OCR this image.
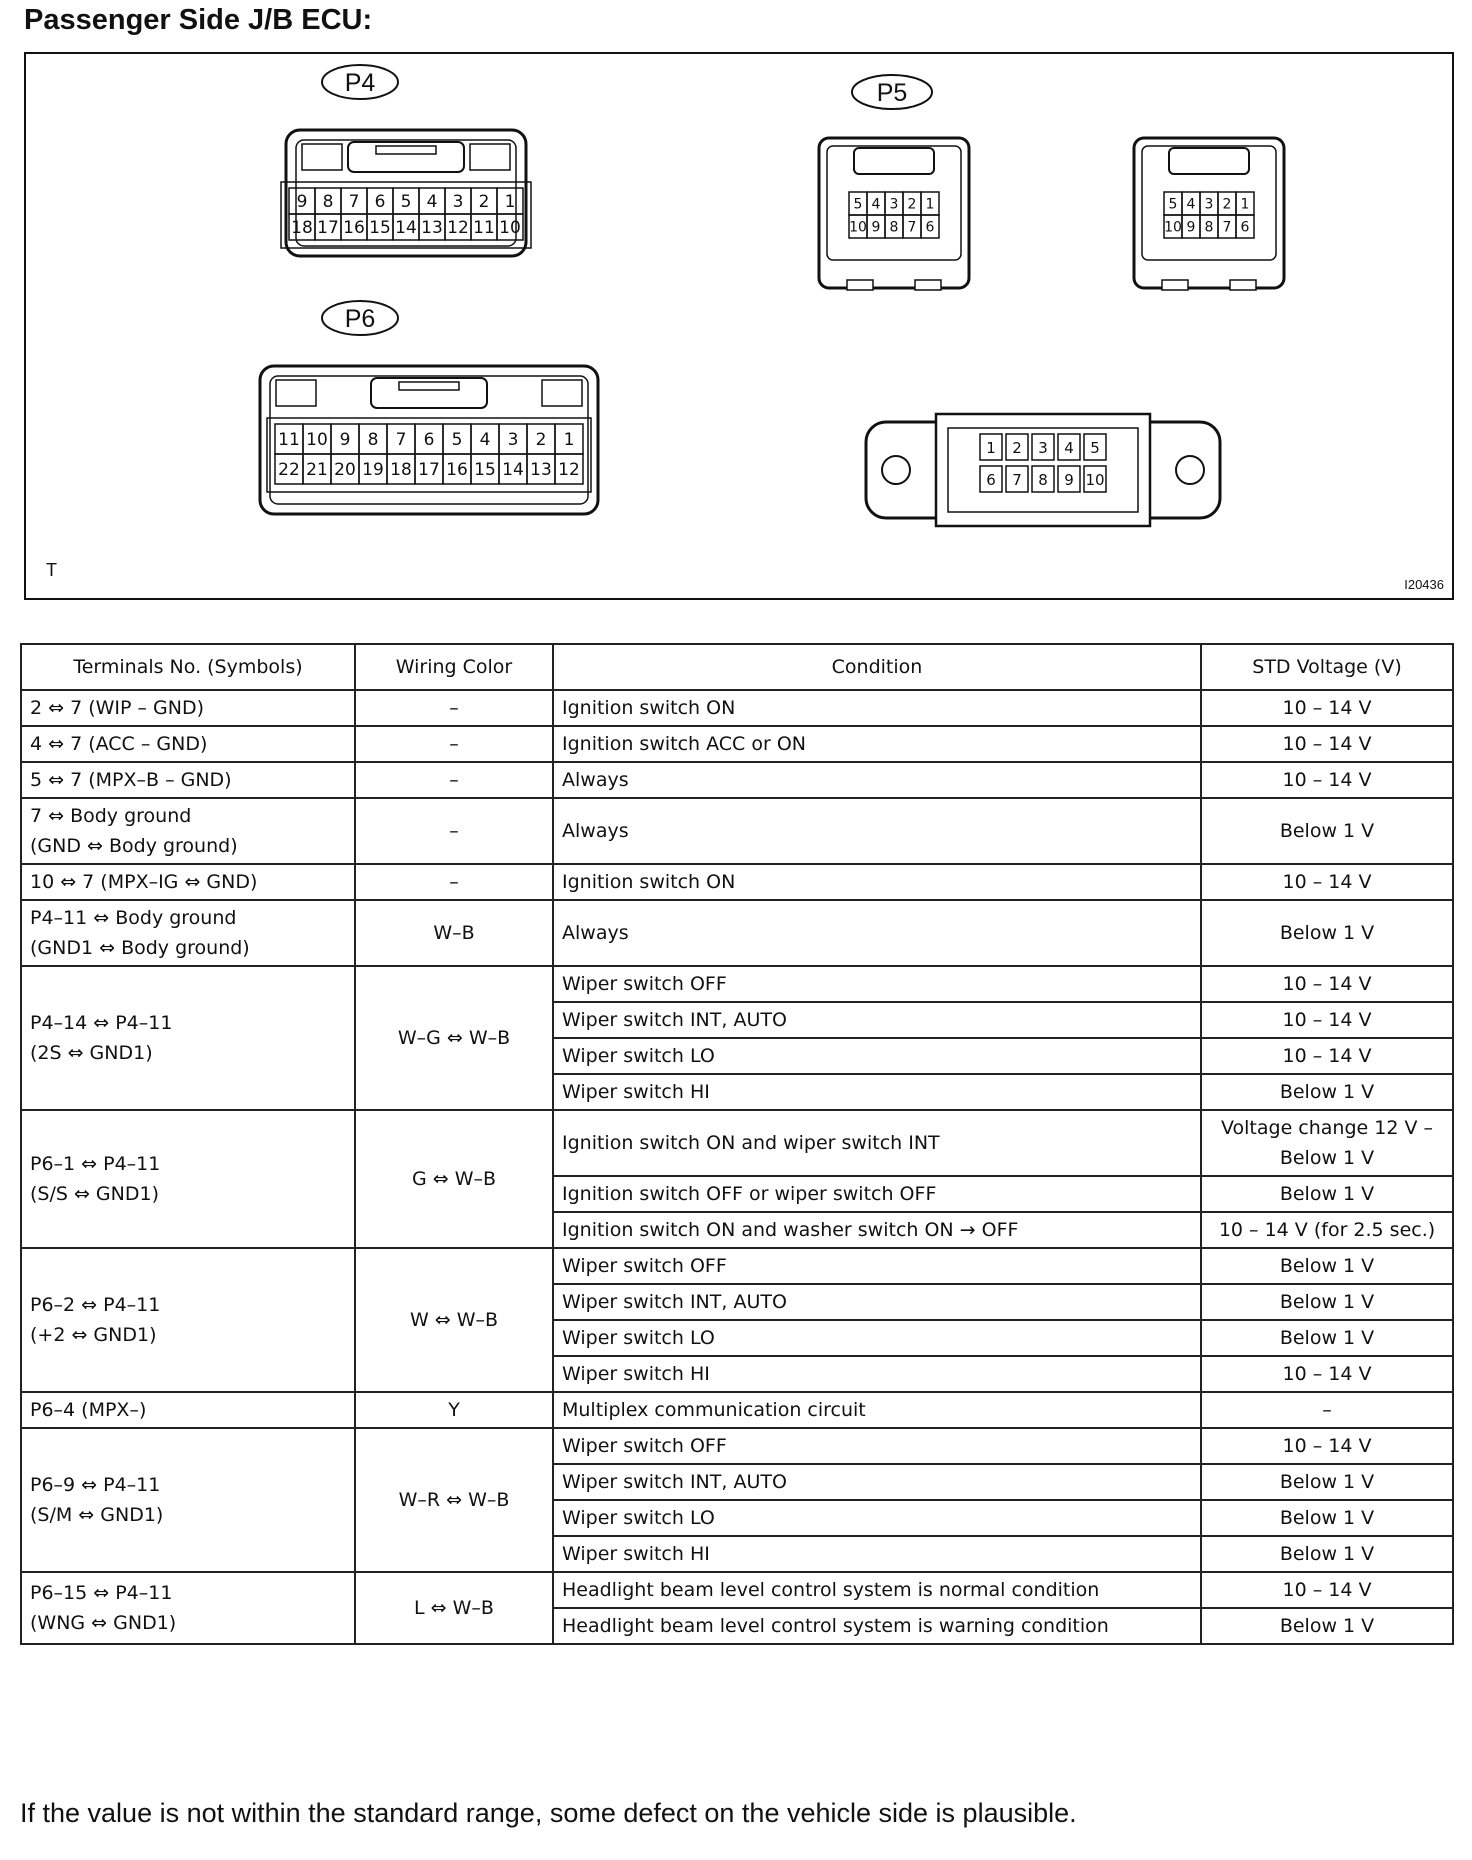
Passenger Side J/B ECU:
9 8 7 6 5 4 3 2 1
18 17 16 15 14 13 12 11 10
P4
5 4 3 2 1
10 9 8 7 6
P5
5 4 3 2 1
10 9 8 7 6
11 10 9 8 7 6 5 4 3 2 1
22 21 20 19 18 17 16 15 14 13 12
P6
1 2 3 4 5
6 7 8 9 10
T
I20436
Terminals No. (Symbols)	Wiring Color	Condition	STD Voltage (V)
2 ⇔ 7 (WIP – GND)	–	Ignition switch ON	10 – 14 V
4 ⇔ 7 (ACC – GND)	–	Ignition switch ACC or ON	10 – 14 V
5 ⇔ 7 (MPX–B – GND)	–	Always	10 – 14 V
7 ⇔ Body ground
(GND ⇔ Body ground)	–	Always	Below 1 V
10 ⇔ 7 (MPX–IG ⇔ GND)	–	Ignition switch ON	10 – 14 V
P4–11 ⇔ Body ground
(GND1 ⇔ Body ground)	W–B	Always	Below 1 V
P4–14 ⇔ P4–11
(2S ⇔ GND1)	W–G ⇔ W–B	Wiper switch OFF	10 – 14 V
		Wiper switch INT, AUTO	10 – 14 V
		Wiper switch LO	10 – 14 V
		Wiper switch HI	Below 1 V
P6–1 ⇔ P4–11
(S/S ⇔ GND1)	G ⇔ W–B	Ignition switch ON and wiper switch INT	Voltage change 12 V –
Below 1 V
		Ignition switch OFF or wiper switch OFF	Below 1 V
		Ignition switch ON and washer switch ON → OFF	10 – 14 V (for 2.5 sec.)
P6–2 ⇔ P4–11
(+2 ⇔ GND1)	W ⇔ W–B	Wiper switch OFF	Below 1 V
		Wiper switch INT, AUTO	Below 1 V
		Wiper switch LO	Below 1 V
		Wiper switch HI	10 – 14 V
P6–4 (MPX–)	Y	Multiplex communication circuit	–
P6–9 ⇔ P4–11
(S/M ⇔ GND1)	W–R ⇔ W–B	Wiper switch OFF	10 – 14 V
		Wiper switch INT, AUTO	Below 1 V
		Wiper switch LO	Below 1 V
		Wiper switch HI	Below 1 V
P6–15 ⇔ P4–11
(WNG ⇔ GND1)	L ⇔ W–B	Headlight beam level control system is normal condition	10 – 14 V
		Headlight beam level control system is warning condition	Below 1 V
If the value is not within the standard range, some defect on the vehicle side is plausible.
